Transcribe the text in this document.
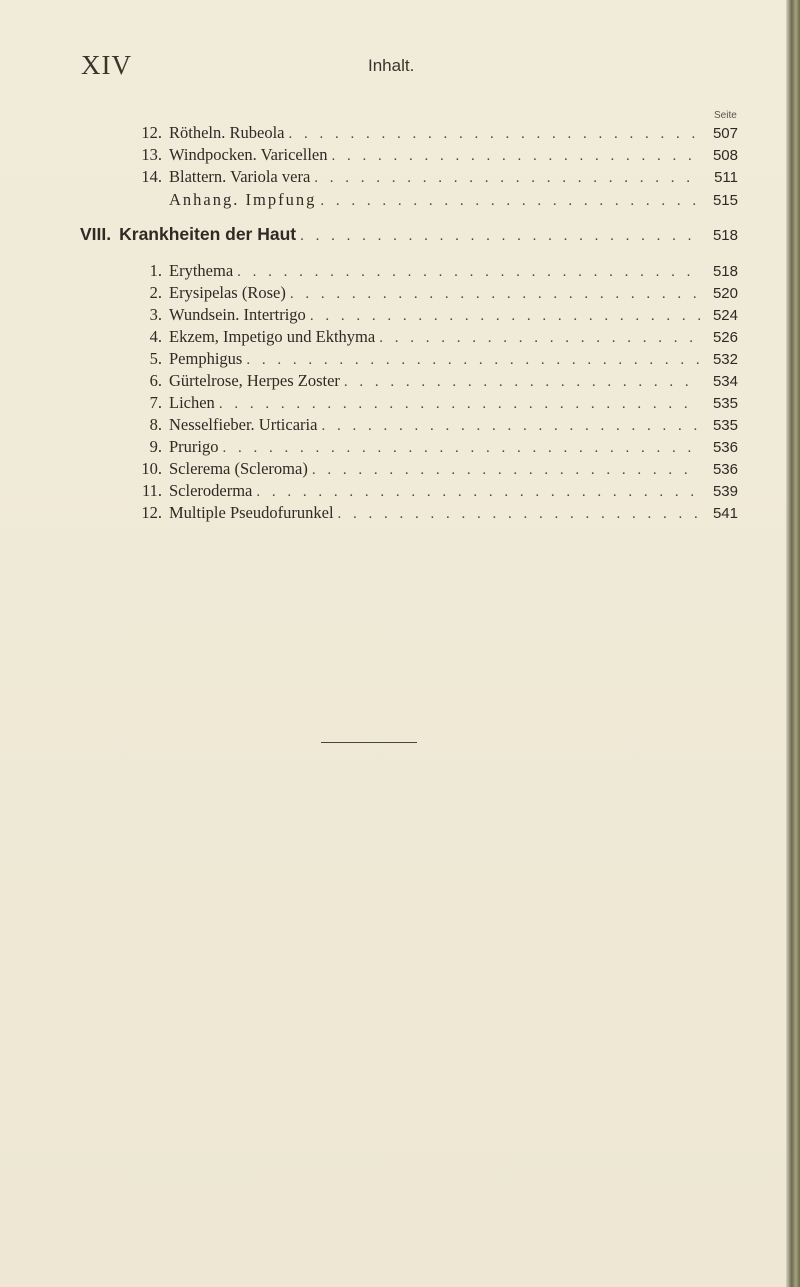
XIV	Inhalt.
Seite
12. Rötheln. Rubeola . . .	507
13. Windpocken. Varicellen . . .	508
14. Blattern. Variola vera . . .	511
Anhang. Impfung . . .	515
VIII. Krankheiten der Haut . . .	518
1. Erythema . . .	518
2. Erysipelas (Rose) . . .	520
3. Wundsein. Intertrigo . . .	524
4. Ekzem, Impetigo und Ekthyma . . .	526
5. Pemphigus . . .	532
6. Gürtelrose, Herpes Zoster . . .	534
7. Lichen . . .	535
8. Nesselfieber. Urticaria . . .	535
9. Prurigo . . .	536
10. Sclerema (Scleroma) . . .	536
11. Scleroderma . . .	539
12. Multiple Pseudofurunkel . . .	541
